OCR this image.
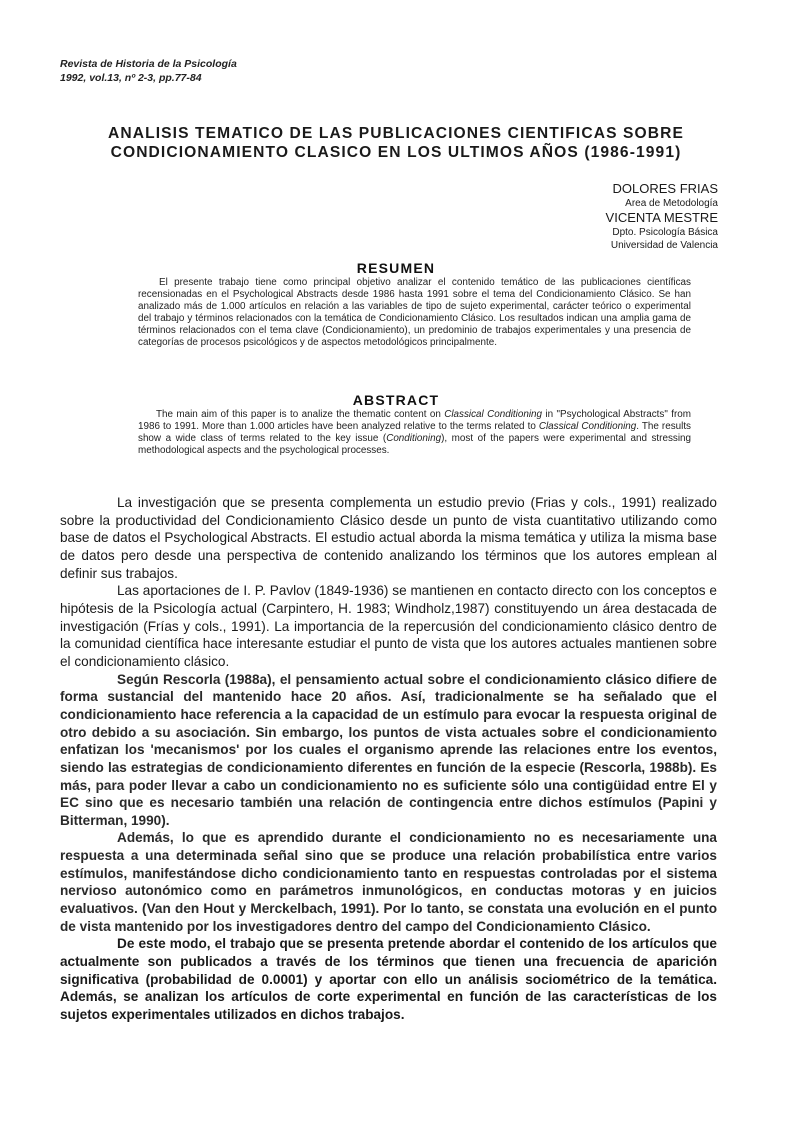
Revista de Historia de la Psicología
1992, vol.13, nº 2-3, pp.77-84
ANALISIS TEMATICO DE LAS PUBLICACIONES CIENTIFICAS SOBRE
CONDICIONAMIENTO CLASICO EN LOS ULTIMOS AÑOS (1986-1991)
DOLORES FRIAS
Area de Metodología
VICENTA MESTRE
Dpto. Psicología Básica
Universidad de Valencia
RESUMEN

El presente trabajo tiene como principal objetivo analizar el contenido temático de las publicaciones científicas recensionadas en el Psychological Abstracts desde 1986 hasta 1991 sobre el tema del Condicionamiento Clásico. Se han analizado más de 1.000 artículos en relación a las variables de tipo de sujeto experimental, carácter teórico o experimental del trabajo y términos relacionados con la temática de Condicionamiento Clásico. Los resultados indican una amplia gama de términos relacionados con el tema clave (Condicionamiento), un predominio de trabajos experimentales y una presencia de categorías de procesos psicológicos y de aspectos metodológicos principalmente.

ABSTRACT

The main aim of this paper is to analize the thematic content on Classical Conditioning in "Psychological Abstracts" from 1986 to 1991. More than 1.000 articles have been analyzed relative to the terms related to Classical Conditioning. The results show a wide class of terms related to the key issue (Conditioning), most of the papers were experimental and stressing methodological aspects and the psychological processes.

La investigación que se presenta complementa un estudio previo (Frias y cols., 1991) realizado sobre la productividad del Condicionamiento Clásico desde un punto de vista cuantitativo utilizando como base de datos el Psychological Abstracts. El estudio actual aborda la misma temática y utiliza la misma base de datos pero desde una perspectiva de contenido analizando los términos que los autores emplean al definir sus trabajos.

Las aportaciones de I. P. Pavlov (1849-1936) se mantienen en contacto directo con los conceptos e hipótesis de la Psicología actual (Carpintero, H. 1983; Windholz,1987) constituyendo un área destacada de investigación (Frías y cols., 1991). La importancia de la repercusión del condicionamiento clásico dentro de la comunidad científica hace interesante estudiar el punto de vista que los autores actuales mantienen sobre el condicionamiento clásico.

Según Rescorla (1988a), el pensamiento actual sobre el condicionamiento clásico difiere de forma sustancial del mantenido hace 20 años. Así, tradicionalmente se ha señalado que el condicionamiento hace referencia a la capacidad de un estímulo para evocar la respuesta original de otro debido a su asociación. Sin embargo, los puntos de vista actuales sobre el condicionamiento enfatizan los 'mecanismos' por los cuales el organismo aprende las relaciones entre los eventos, siendo las estrategias de condicionamiento diferentes en función de la especie (Rescorla, 1988b). Es más, para poder llevar a cabo un condicionamiento no es suficiente sólo una contigüidad entre El y EC sino que es necesario también una relación de contingencia entre dichos estímulos (Papini y Bitterman, 1990).

Además, lo que es aprendido durante el condicionamiento no es necesariamente una respuesta a una determinada señal sino que se produce una relación probabilística entre varios estímulos, manifestándose dicho condicionamiento tanto en respuestas controladas por el sistema nervioso autonómico como en parámetros inmunológicos, en conductas motoras y en juicios evaluativos. (Van den Hout y Merckelbach, 1991). Por lo tanto, se constata una evolución en el punto de vista mantenido por los investigadores dentro del campo del Condicionamiento Clásico.

De este modo, el trabajo que se presenta pretende abordar el contenido de los artículos que actualmente son publicados a través de los términos que tienen una frecuencia de aparición significativa (probabilidad de 0.0001) y aportar con ello un análisis sociométrico de la temática. Además, se analizan los artículos de corte experimental en función de las características de los sujetos experimentales utilizados en dichos trabajos.
